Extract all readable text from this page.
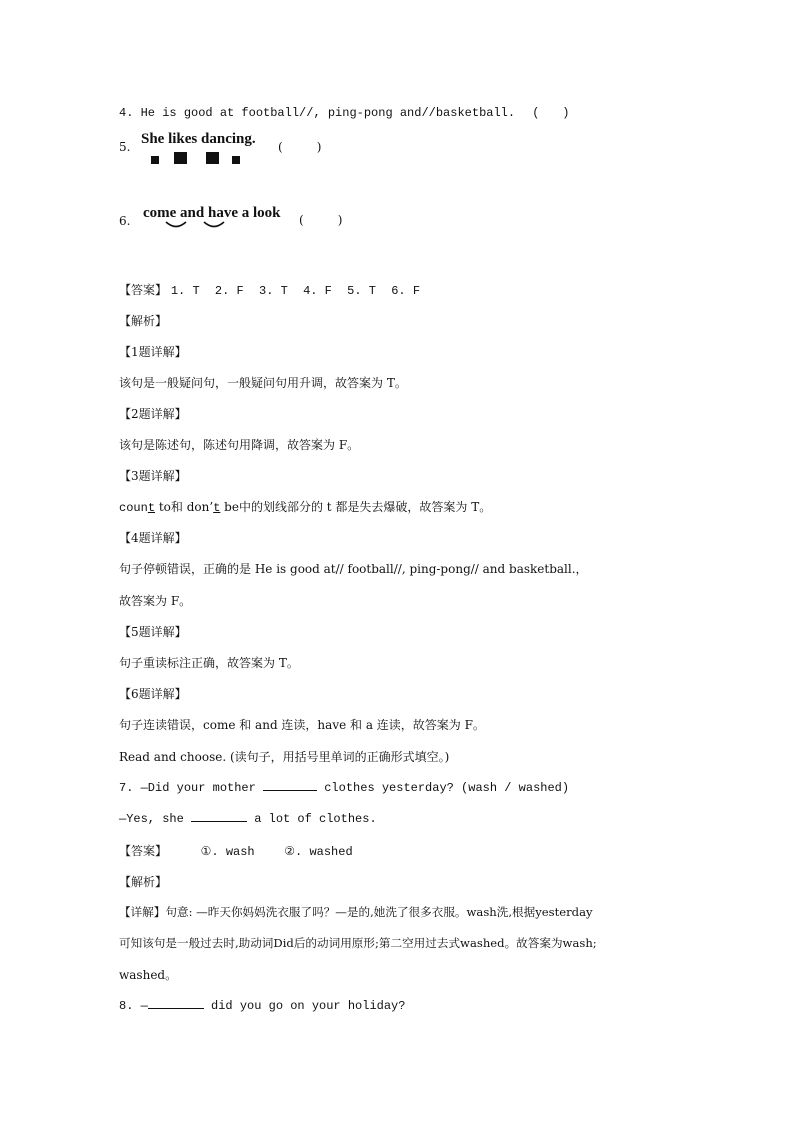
4. He is good at football//, ping-pong and//basketball. ( )
5. She likes dancing. (	)
6. come and have a look (	)
【答案】 1. T 2. F 3. T 4. F 5. T 6. F
【解析】
【1题详解】
该句是一般疑问句，一般疑问句用升调，故答案为 T。
【2题详解】
该句是陈述句，陈述句用降调，故答案为 F。
【3题详解】
count to和 don’t be中的划线部分的 t 都是失去爆破，故答案为 T。
【4题详解】
句子停顿错误，正确的是 He is good at// football//, ping-pong// and basketball.，
故答案为 F。
【5题详解】
句子重读标注正确，故答案为 T。
【6题详解】
句子连读错误，come 和 and 连读，have 和 a 连读，故答案为 F。
Read and choose. (读句子，用括号里单词的正确形式填空。)
7. —Did your mother	clothes yesterday? (wash / washed)
—Yes, she	a lot of clothes.
【答案】	①. wash ②. washed
【解析】
【详解】句意: —昨天你妈妈洗衣服了吗？—是的,她洗了很多衣服。wash洗,根据yesterday
可知该句是一般过去时,助动词Did后的动词用原形;第二空用过去式washed。故答案为wash;
washed。
8. —	did you go on your holiday?
